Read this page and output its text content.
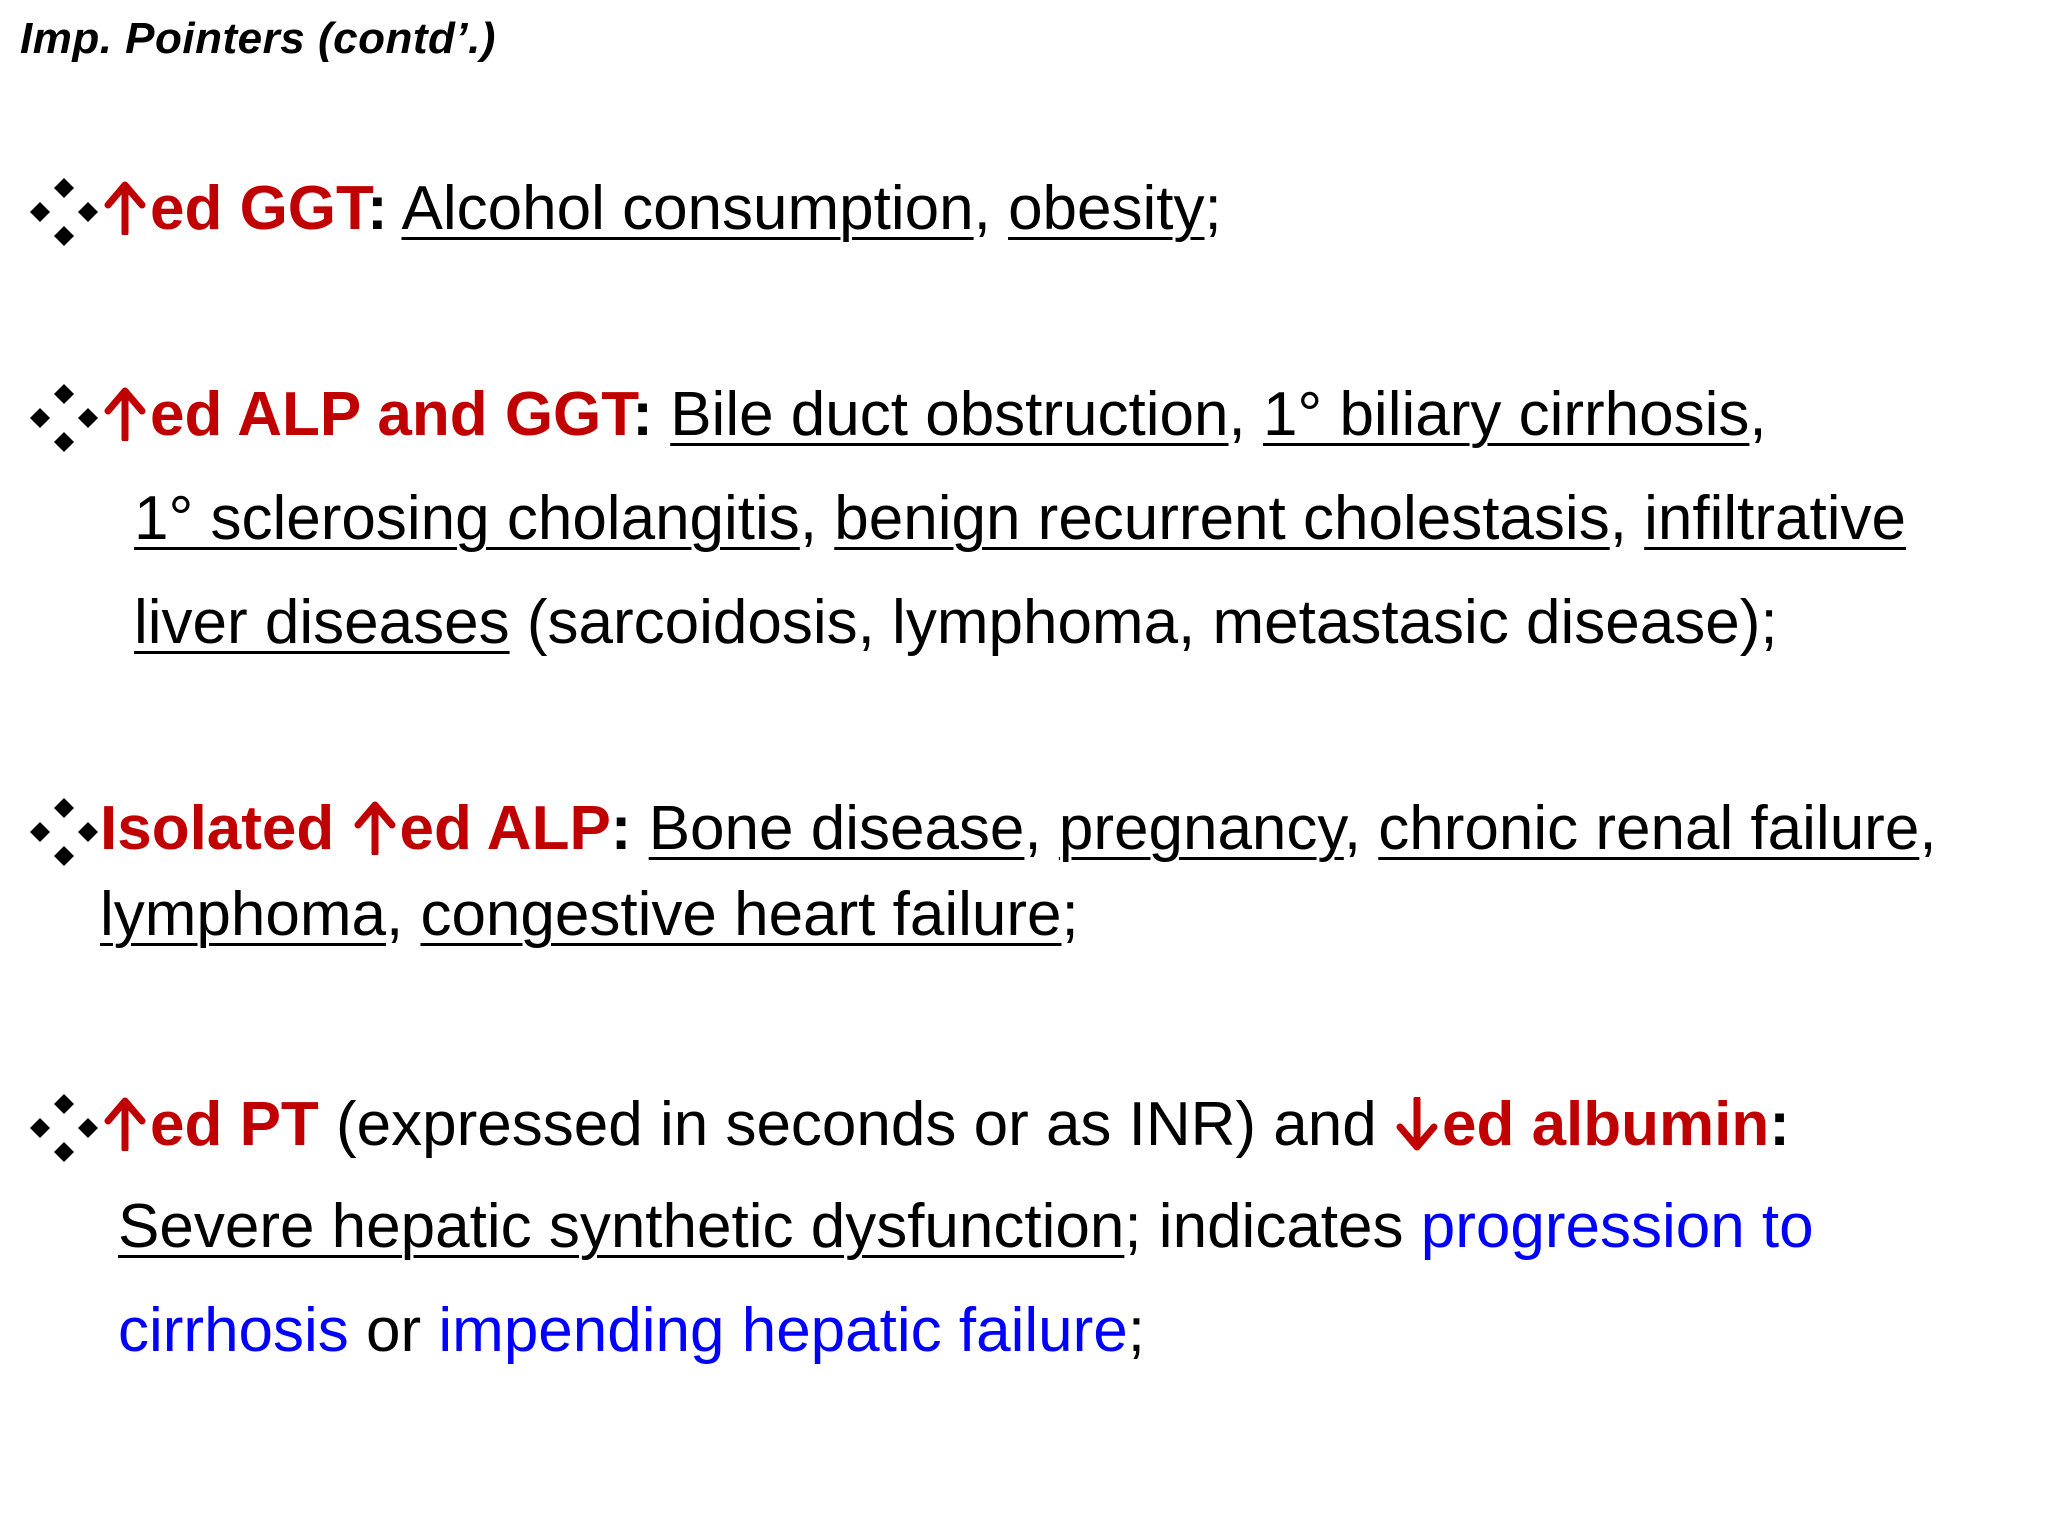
Imp. Pointers (contd’.)
ed GGT: Alcohol consumption, obesity;
ed ALP and GGT: Bile duct obstruction, 1° biliary cirrhosis,
1° sclerosing cholangitis, benign recurrent cholestasis, infiltrative
liver diseases (sarcoidosis, lymphoma, metastasic disease);
Isolated ed ALP: Bone disease, pregnancy, chronic renal failure,
lymphoma, congestive heart failure;
ed PT (expressed in seconds or as INR) and ed albumin:
Severe hepatic synthetic dysfunction; indicates progression to
cirrhosis or impending hepatic failure;
